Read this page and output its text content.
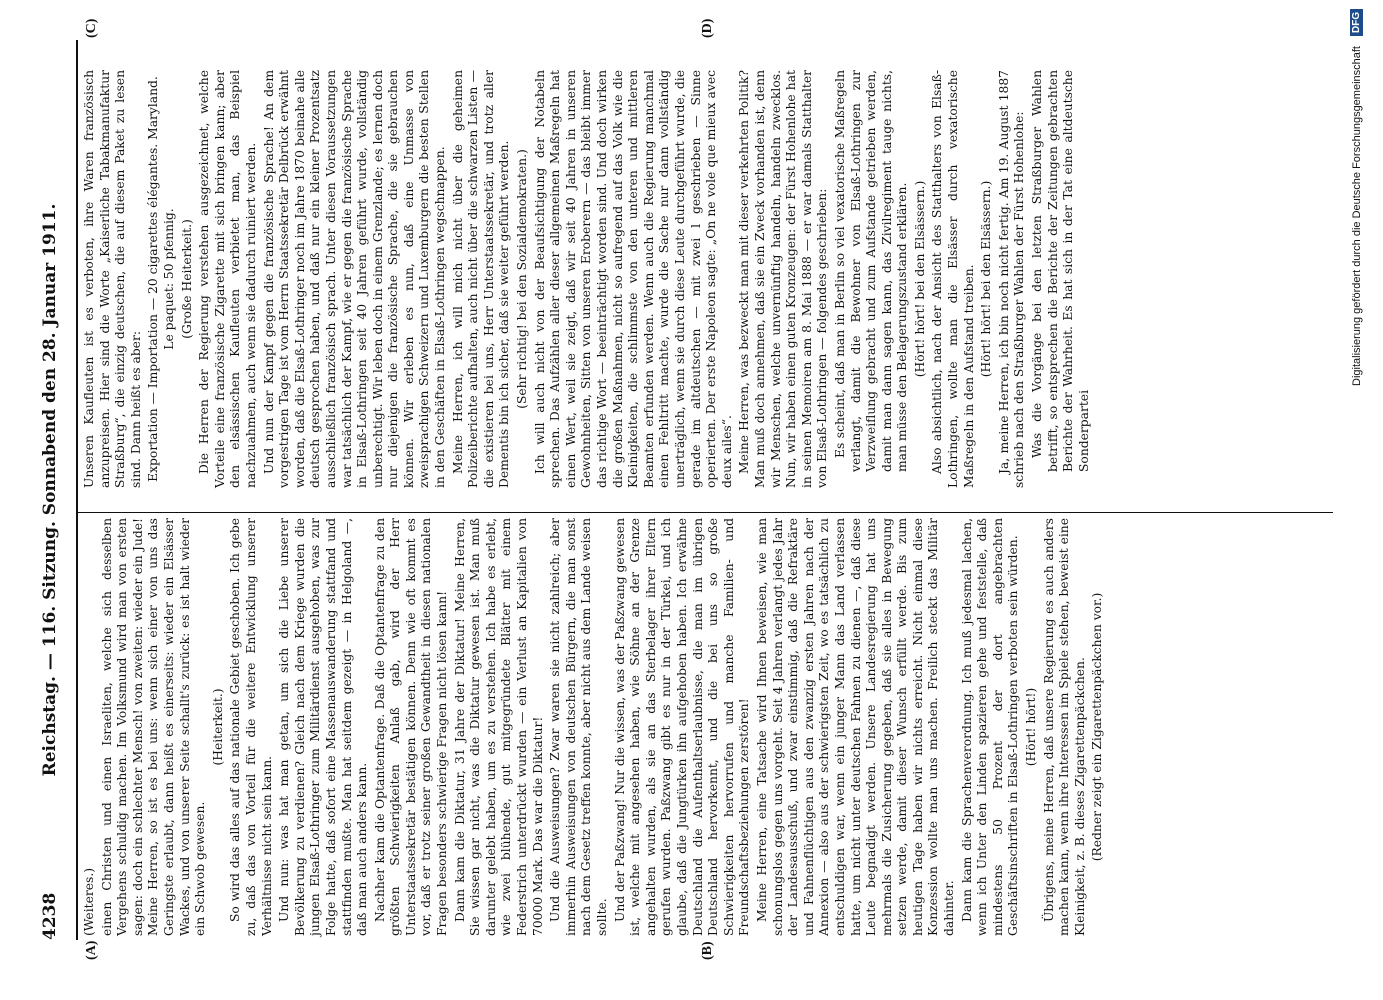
4238
Reichstag. — 116. Sitzung. Sonnabend den 28. Januar 1911.
(A)	(B)
(C)	(D)

(Weiteres.) einen Christen und einen Israeliten, welche sich desselben Vergehens schuldig machen. Im Volksmund wird man von ersten sagen: doch ein schlechter Mensch! von zweiten: wieder ein Jude! Meine Herren, so ist es bei uns: wenn sich einer von uns das Geringste erlaubt, dann heißt es einerseits: wieder ein Elsässer Wackes, und von unserer Seite schallt's zurück: es ist halt wieder ein Schwob gewesen.

(Heiterkeit.) So wird das alles auf das nationale Gebiet geschoben. Ich gebe zu, daß das von Vorteil für die weitere Entwicklung unserer Verhältnisse nicht sein kann. Und nun: was hat man getan, um sich die Liebe unserer Bevölkerung zu verdienen? Gleich nach dem Kriege wurden die jungen Elsaß-Lothringer zum Militärdienst ausgehoben, was zur Folge hatte, daß sofort eine Massenauswanderung stattfand und stattfinden mußte. Man hat seitdem gezeigt — in Helgoland —, daß man auch anders kann. Nachher kam die Optantenfrage. Daß die Optantenfrage zu den größten Schwierigkeiten Anlaß gab, wird der Herr Unterstaatssekretär bestätigen können. Denn wie oft kommt es vor, daß er trotz seiner großen Gewandtheit in diesen nationalen Fragen besonders schwierige Fragen nicht lösen kann! Dann kam die Diktatur, 31 Jahre der Diktatur! Meine Herren, Sie wissen gar nicht, was die Diktatur gewesen ist. Man muß darunter gelebt haben, um es zu verstehen. Ich habe es erlebt, wie zwei blühende, gut mitgegründete Blätter mit einem Federstrich unterdrückt wurden — ein Verlust an Kapitalien von 70000 Mark. Das war die Diktatur! Und die Ausweisungen? Zwar waren sie nicht zahlreich; aber immerhin Ausweisungen von deutschen Bürgern, die man sonst nach dem Gesetz treffen konnte, aber nicht aus dem Lande weisen sollte. Und der Paßzwang! Nur die wissen, was der Paßzwang gewesen ist, welche mit angesehen haben, wie Söhne an der Grenze angehalten wurden, als sie an das Sterbelager ihrer Eltern gerufen wurden. Paßzwang gibt es nur in der Türkei, und ich glaube, daß die Jungtürken ihn aufgehoben haben. Ich erwähne Deutschland die Aufenthaltserlaubnisse, die man im übrigen Deutschland hervorkennt, und die bei uns so große Schwierigkeiten hervorrufen und manche Familien- und Freundschaftsbeziehungen zerstören! Meine Herren, eine Tatsache wird Ihnen beweisen, wie man schonungslos gegen uns vorgeht. Seit 4 Jahren verlangt jedes Jahr der Landesausschuß, und zwar einstimmig, daß die Refraktäre und Fahnenflüchtigen aus den zwanzig ersten Jahren nach der Annexion — also aus der schwierigsten Zeit, wo es tatsächlich zu entschuldigen war, wenn ein junger Mann das Land verlassen hatte, um nicht unter deutschen Fahnen zu dienen —, daß diese Leute begnadigt werden. Unsere Landesregierung hat uns mehrmals die Zusicherung gegeben, daß sie alles in Bewegung setzen werde, damit dieser Wunsch erfüllt werde. Bis zum heutigen Tage haben wir nichts erreicht. Nicht einmal diese Konzession wollte man uns machen. Freilich steckt das Militär dahinter. Dann kam die Sprachenverordnung. Ich muß jedesmal lachen, wenn ich Unter den Linden spazieren gehe und feststelle, daß mindestens 50 Prozent der dort angebrachten Geschäftsinschriften in Elsaß-Lothringen verboten sein würden. (Hört! hört!) Übrigens, meine Herren, daß unsere Regierung es auch anders machen kann, wenn ihre Interessen im Spiele stehen, beweist eine Kleinigkeit, z. B. dieses Zigarettenpäckchen. (Redner zeigt ein Zigarettenpäckchen vor.)

Unseren Kaufleuten ist es verboten, ihre Waren französisch anzupreisen. Hier sind die Worte „Kaiserliche Tabakmanufaktur Straßburg“, die einzig deutschen, die auf diesem Paket zu lesen sind. Dann heißt es aber: Exportation — Importation — 20 cigarettes élégantes. Maryland. Le paquet: 50 pfennig. (Große Heiterkeit.) Die Herren der Regierung verstehen ausgezeichnet, welche Vorteile eine französische Zigarette mit sich bringen kann; aber den elsässischen Kaufleuten verbietet man, das Beispiel nachzuahmen, auch wenn sie dadurch ruiniert werden. Und nun der Kampf gegen die französische Sprache! An dem vorgestrigen Tage ist vom Herrn Staatssekretär Delbrück erwähnt worden, daß die Elsaß-Lothringer noch im Jahre 1870 beinahe alle deutsch gesprochen haben, und daß nur ein kleiner Prozentsatz ausschließlich französisch sprach. Unter diesen Voraussetzungen war tatsächlich der Kampf, wie er gegen die französische Sprache in Elsaß-Lothringen seit 40 Jahren geführt wurde, vollständig unberechtigt. Wir leben doch in einem Grenzlande; es lernen doch nur diejenigen die französische Sprache, die sie gebrauchen können. Wir erleben es nun, daß eine Unmasse von zweisprachigen Schweizern und Luxemburgern die besten Stellen in den Geschäften in Elsaß-Lothringen wegschnappen. Meine Herren, ich will mich nicht über die geheimen Polizeiberichte aufhalten, auch nicht über die schwarzen Listen — die existieren bei uns, Herr Unterstaatssekretär, und trotz aller Dementis bin ich sicher, daß sie weiter geführt werden. (Sehr richtig! bei den Sozialdemokraten.) Ich will auch nicht von der Beaufsichtigung der Notabeln sprechen. Das Aufzählen aller dieser allgemeinen Maßregeln hat einen Wert, weil sie zeigt, daß wir seit 40 Jahren in unseren Gewohnheiten, Sitten von unseren Eroberern — das bleibt immer das richtige Wort — beeinträchtigt worden sind. Und doch wirken die großen Maßnahmen, nicht so aufregend auf das Volk wie die Kleinigkeiten, die schlimmste von den unteren und mittleren Beamten erfunden werden. Wenn auch die Regierung manchmal einen Fehltritt machte, wurde die Sache nur dann vollständig unerträglich, wenn sie durch diese Leute durchgeführt wurde, die gerade im altdeutschen — mit zwei l geschrieben — Sinne operierten. Der erste Napoleon sagte: „On ne vole que mieux avec deux ailes“. Meine Herren, was bezweckt man mit dieser verkehrten Politik? Man muß doch annehmen, daß sie ein Zweck vorhanden ist, denn wir Menschen, welche unvernünftig handeln, handeln zwecklos. Nun, wir haben einen guten Kronzeugen: der Fürst Hohenlohe hat in seinen Memoiren am 8. Mai 1888 — er war damals Statthalter von Elsaß-Lothringen — folgendes geschrieben: Es scheint, daß man in Berlin so viel vexatorische Maßregeln verlangt, damit die Bewohner von Elsaß-Lothringen zur Verzweiflung gebracht und zum Aufstande getrieben werden, damit man dann sagen kann, das Zivilregiment tauge nichts, man müsse den Belagerungszustand erklären. (Hört! hört! bei den Elsässern.) Also absichtlich, nach der Ansicht des Statthalters von Elsaß-Lothringen, wollte man die Elsässer durch vexatorische Maßregeln in den Aufstand treiben. (Hört! hört! bei den Elsässern.) Ja, meine Herren, ich bin noch nicht fertig. Am 19. August 1887 schrieb nach den Straßburger Wahlen der Fürst Hohenlohe: Was die Vorgänge bei den letzten Straßburger Wahlen betrifft, so entsprechen die Berichte der Zeitungen gebrachten Berichte der Wahrheit. Es hat sich in der Tat eine altdeutsche Sonderpartei

Digitalisierung gefördert durch die Deutsche Forschungsgemeinschaft
DFG
